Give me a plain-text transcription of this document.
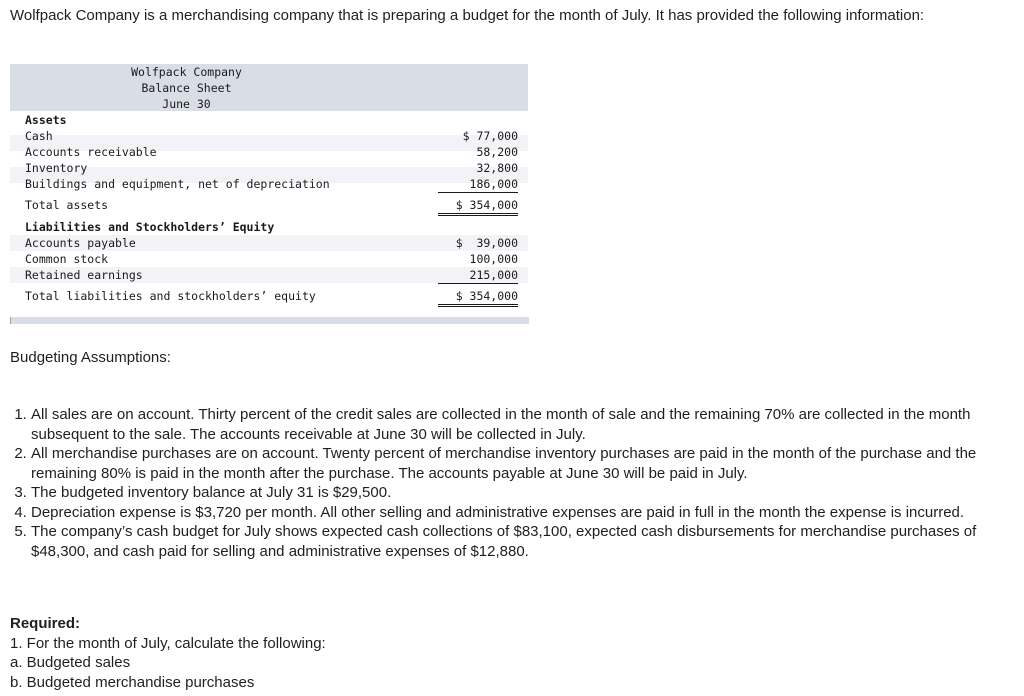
Wolfpack Company is a merchandising company that is preparing a budget for the month of July. It has provided the following information:
Wolfpack Company
Balance Sheet
June 30
Assets
Cash	$ 77,000
Accounts receivable	58,200
Inventory	32,800
Buildings and equipment, net of depreciation	186,000
Total assets	$ 354,000
Liabilities and Stockholders’ Equity
Accounts payable	$  39,000
Common stock	100,000
Retained earnings	215,000
Total liabilities and stockholders’ equity	$ 354,000
Budgeting Assumptions:
1. All sales are on account. Thirty percent of the credit sales are collected in the month of sale and the remaining 70% are collected in the month subsequent to the sale. The accounts receivable at June 30 will be collected in July.
2. All merchandise purchases are on account. Twenty percent of merchandise inventory purchases are paid in the month of the purchase and the remaining 80% is paid in the month after the purchase. The accounts payable at June 30 will be paid in July.
3. The budgeted inventory balance at July 31 is $29,500.
4. Depreciation expense is $3,720 per month. All other selling and administrative expenses are paid in full in the month the expense is incurred.
5. The company’s cash budget for July shows expected cash collections of $83,100, expected cash disbursements for merchandise purchases of $48,300, and cash paid for selling and administrative expenses of $12,880.
Required:
1. For the month of July, calculate the following:
a. Budgeted sales
b. Budgeted merchandise purchases
